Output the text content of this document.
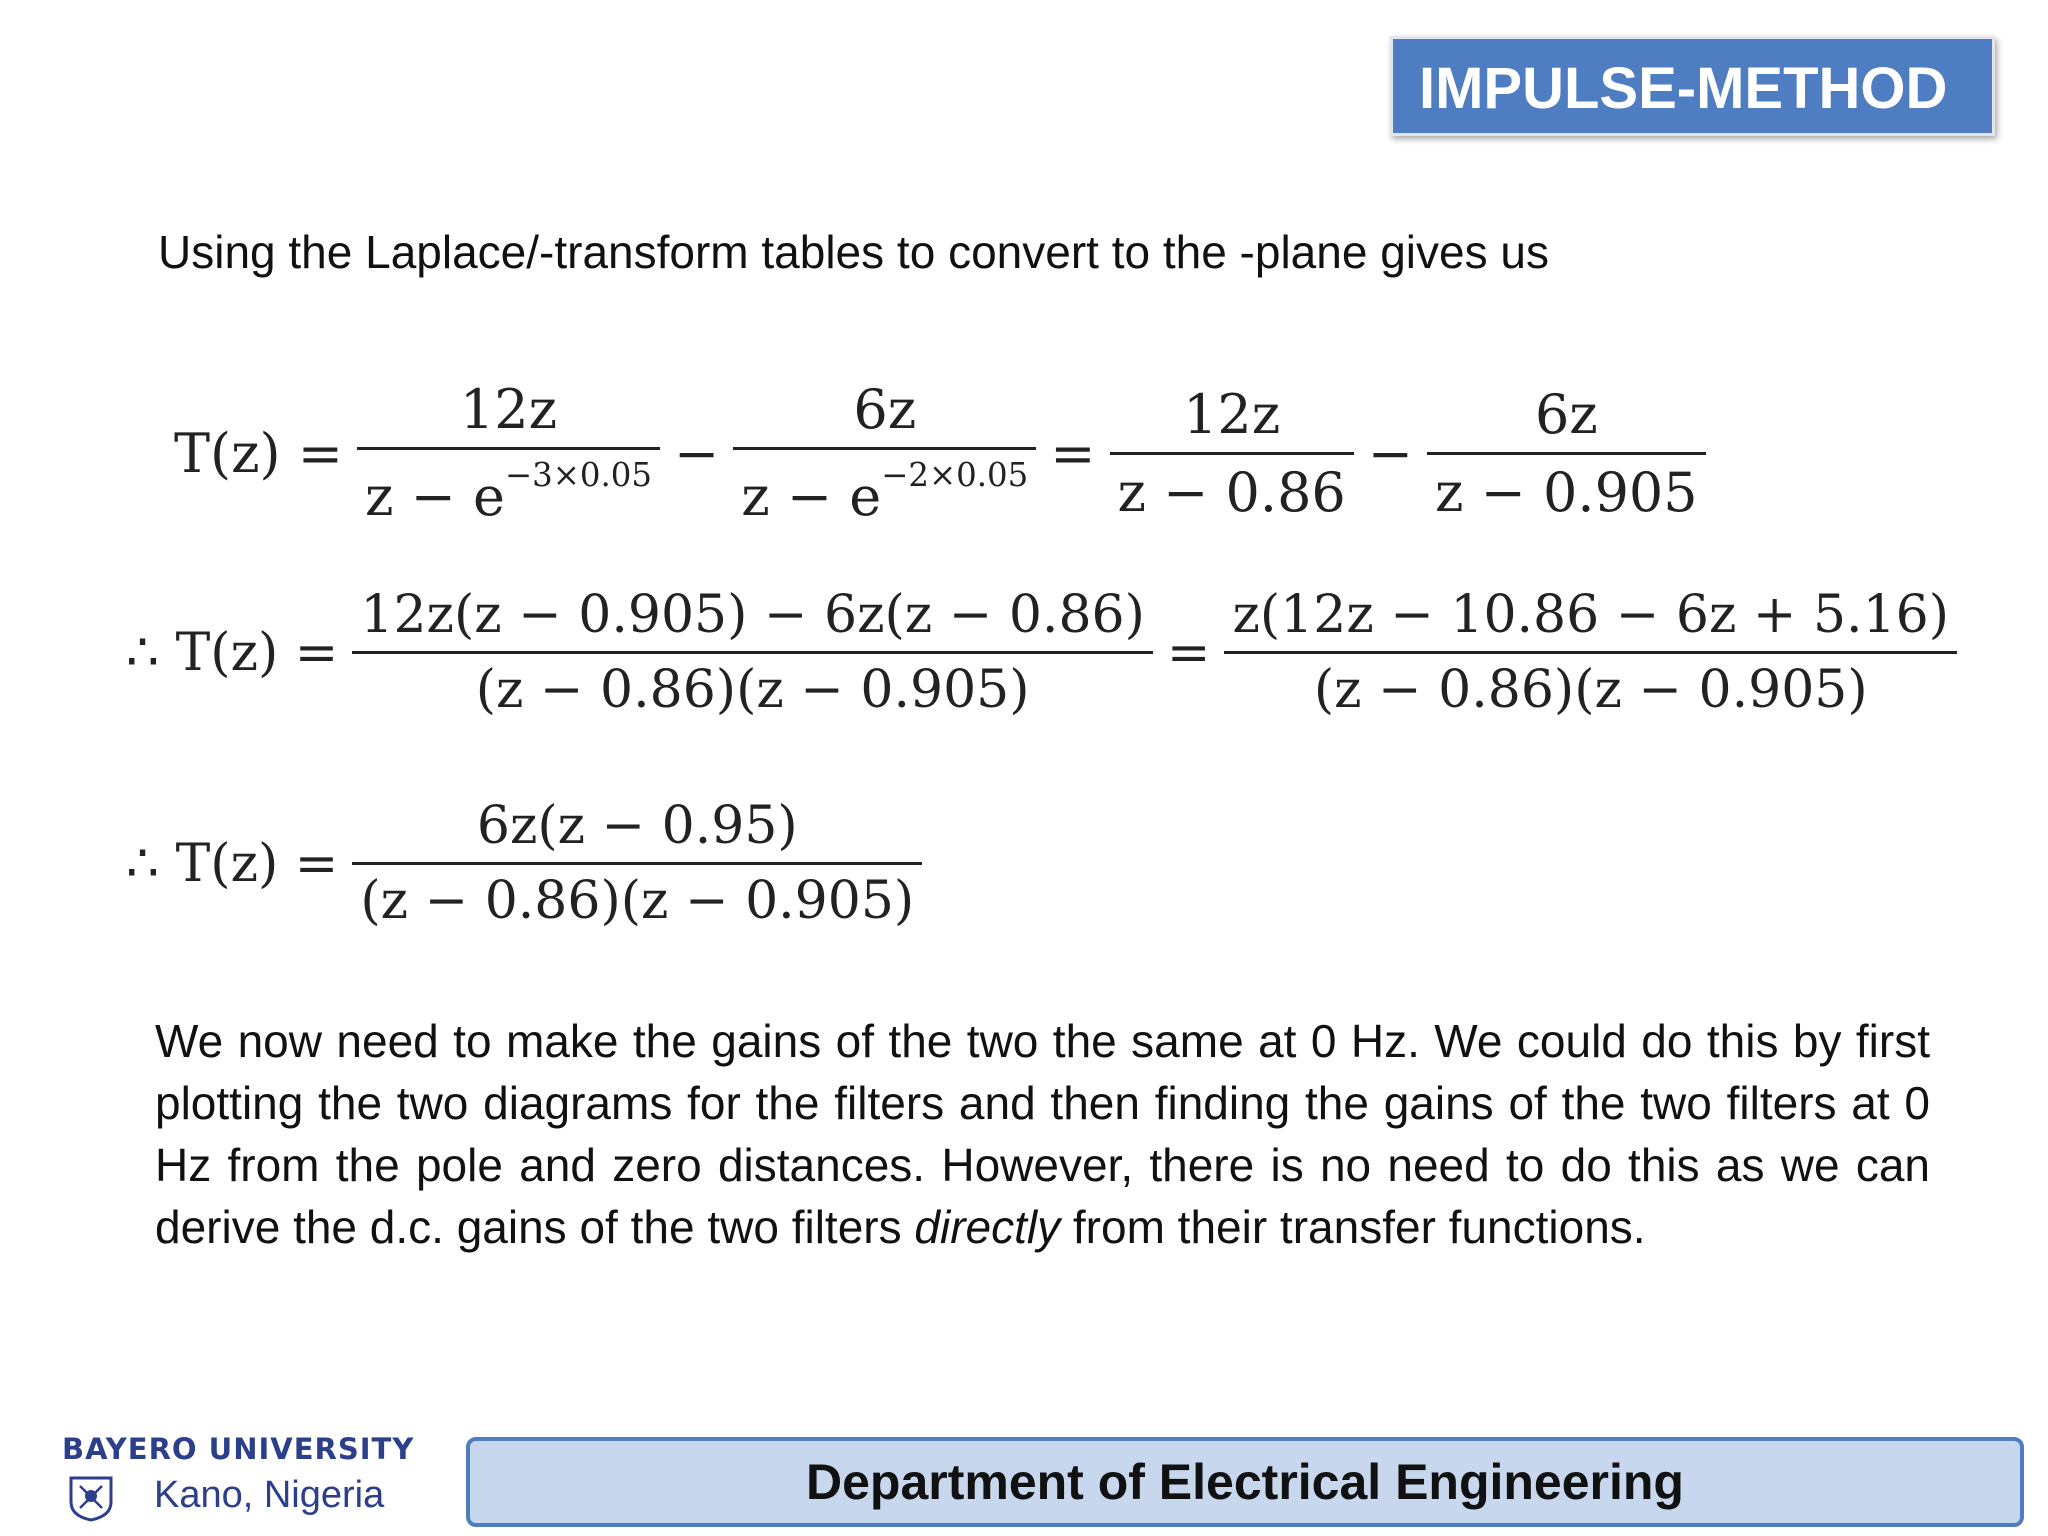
IMPULSE-METHOD
Using the Laplace/-transform tables to convert to the -plane gives us
$T(z) = \frac{12z}{z - e^{-3\times 0.05}} - \frac{6z}{z - e^{-2\times 0.05}} = \frac{12z}{z - 0.86} - \frac{6z}{z - 0.905}$
∴ $T(z) = \frac{12z(z - 0.905) - 6z(z - 0.86)}{(z - 0.86)(z - 0.905)} = \frac{z(12z - 10.86 - 6z + 5.16)}{(z - 0.86)(z - 0.905)}$
∴ $T(z) = \frac{6z(z - 0.95)}{(z - 0.86)(z - 0.905)}$
We now need to make the gains of the two the same at 0 Hz. We could do this by first plotting the two diagrams for the filters and then finding the gains of the two filters at 0 Hz from the pole and zero distances. However, there is no need to do this as we can derive the d.c. gains of the two filters directly from their transfer functions.
BAYERO UNIVERSITY
Kano, Nigeria	Department of Electrical Engineering
